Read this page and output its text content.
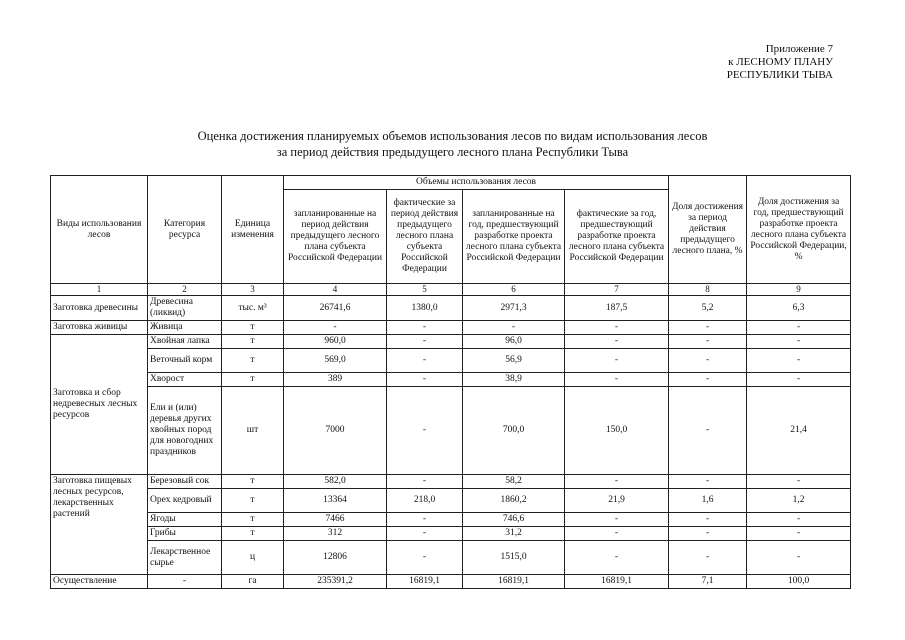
Приложение 7
к ЛЕСНОМУ ПЛАНУ
РЕСПУБЛИКИ ТЫВА
Оценка достижения планируемых объемов использования лесов по видам использования лесов
за период действия предыдущего лесного плана Республики Тыва
Виды использования лесов	Категория ресурса	Единица изменения	Объемы использования лесов				Доля достижения за период действия предыдущего лесного плана, %	Доля достижения за год, предшествующий разработке проекта лесного плана субъекта Российской Федерации, %
			запланированные на период действия предыдущего лесного плана субъекта Российской Федерации	фактические за период действия предыдущего лесного плана субъекта Российской Федерации	запланированные на год, предшествующий разработке проекта лесного плана субъекта Российской Федерации	фактические за год, предшествующий разработке проекта лесного плана субъекта Российской Федерации		
1	2	3	4	5	6	7	8	9
Заготовка древесины	Древесина (ликвид)	тыс. м³	26741,6	1380,0	2971,3	187,5	5,2	6,3
Заготовка живицы	Живица	т	-	-	-	-	-	-
Заготовка и сбор недревесных лесных ресурсов	Хвойная лапка	т	960,0	-	96,0	-	-	-
	Веточный корм	т	569,0	-	56,9	-	-	-
	Хворост	т	389	-	38,9	-	-	-
	Ели и (или) деревья других хвойных пород для новогодних праздников	шт	7000	-	700,0	150,0	-	21,4
Заготовка пищевых лесных ресурсов, лекарственных растений	Березовый сок	т	582,0	-	58,2	-	-	-
	Орех кедровый	т	13364	218,0	1860,2	21,9	1,6	1,2
	Ягоды	т	7466	-	746,6	-	-	-
	Грибы	т	312	-	31,2	-	-	-
	Лекарственное сырье	ц	12806	-	1515,0	-	-	-
Осуществление	-	га	235391,2	16819,1	16819,1	16819,1	7,1	100,0
